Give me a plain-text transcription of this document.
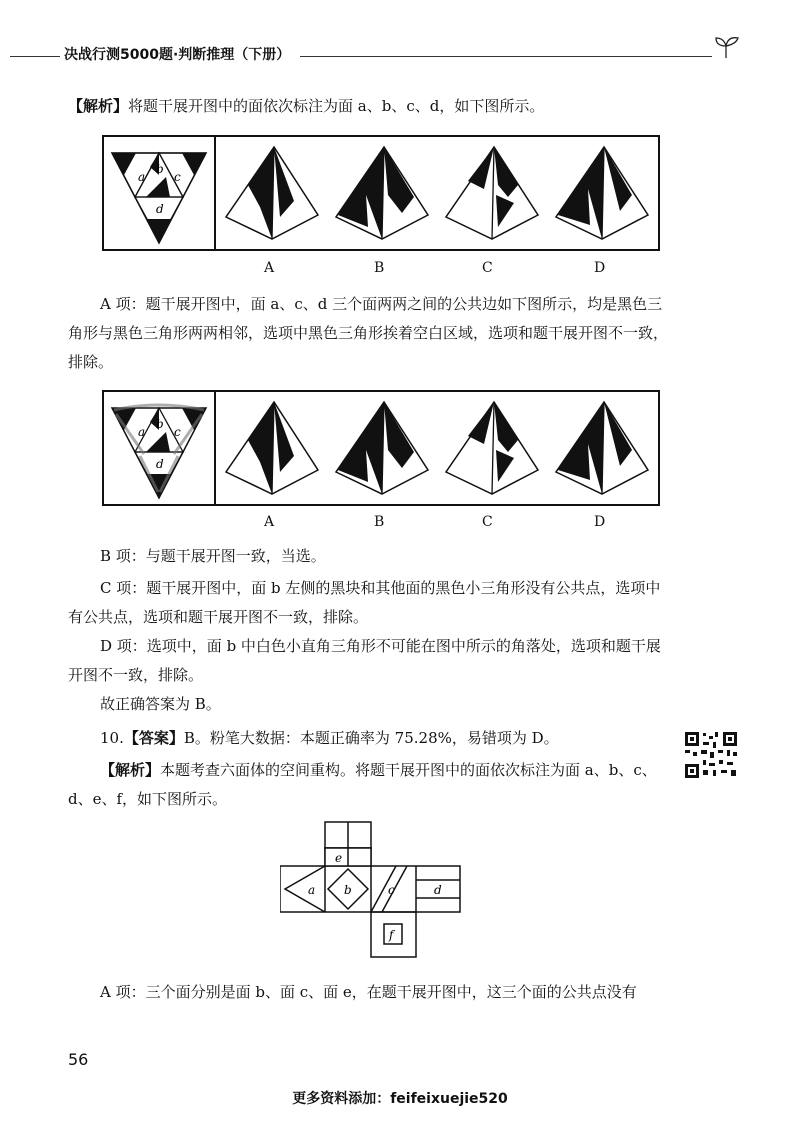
决战行测5000题·判断推理（下册）
【解析】将题干展开图中的面依次标注为面 a、b、c、d，如下图所示。
a
b
c
d
A	B	C	D
A 项：题干展开图中，面 a、c、d 三个面两两之间的公共边如下图所示，均是黑色三角形与黑色三角形两两相邻，选项中黑色三角形挨着空白区域，选项和题干展开图不一致，排除。
a
b
c
d
A	B	C	D
B 项：与题干展开图一致，当选。
C 项：题干展开图中，面 b 左侧的黑块和其他面的黑色小三角形没有公共点，选项中有公共点，选项和题干展开图不一致，排除。
D 项：选项中，面 b 中白色小直角三角形不可能在图中所示的角落处，选项和题干展开图不一致，排除。
故正确答案为 B。
10.【答案】B。粉笔大数据：本题正确率为 75.28%，易错项为 D。
【解析】本题考查六面体的空间重构。将题干展开图中的面依次标注为面 a、b、c、d、e、f，如下图所示。
e
a b	c	d
f
A 项：三个面分别是面 b、面 c、面 e，在题干展开图中，这三个面的公共点没有
56
更多资料添加：feifeixuejie520
